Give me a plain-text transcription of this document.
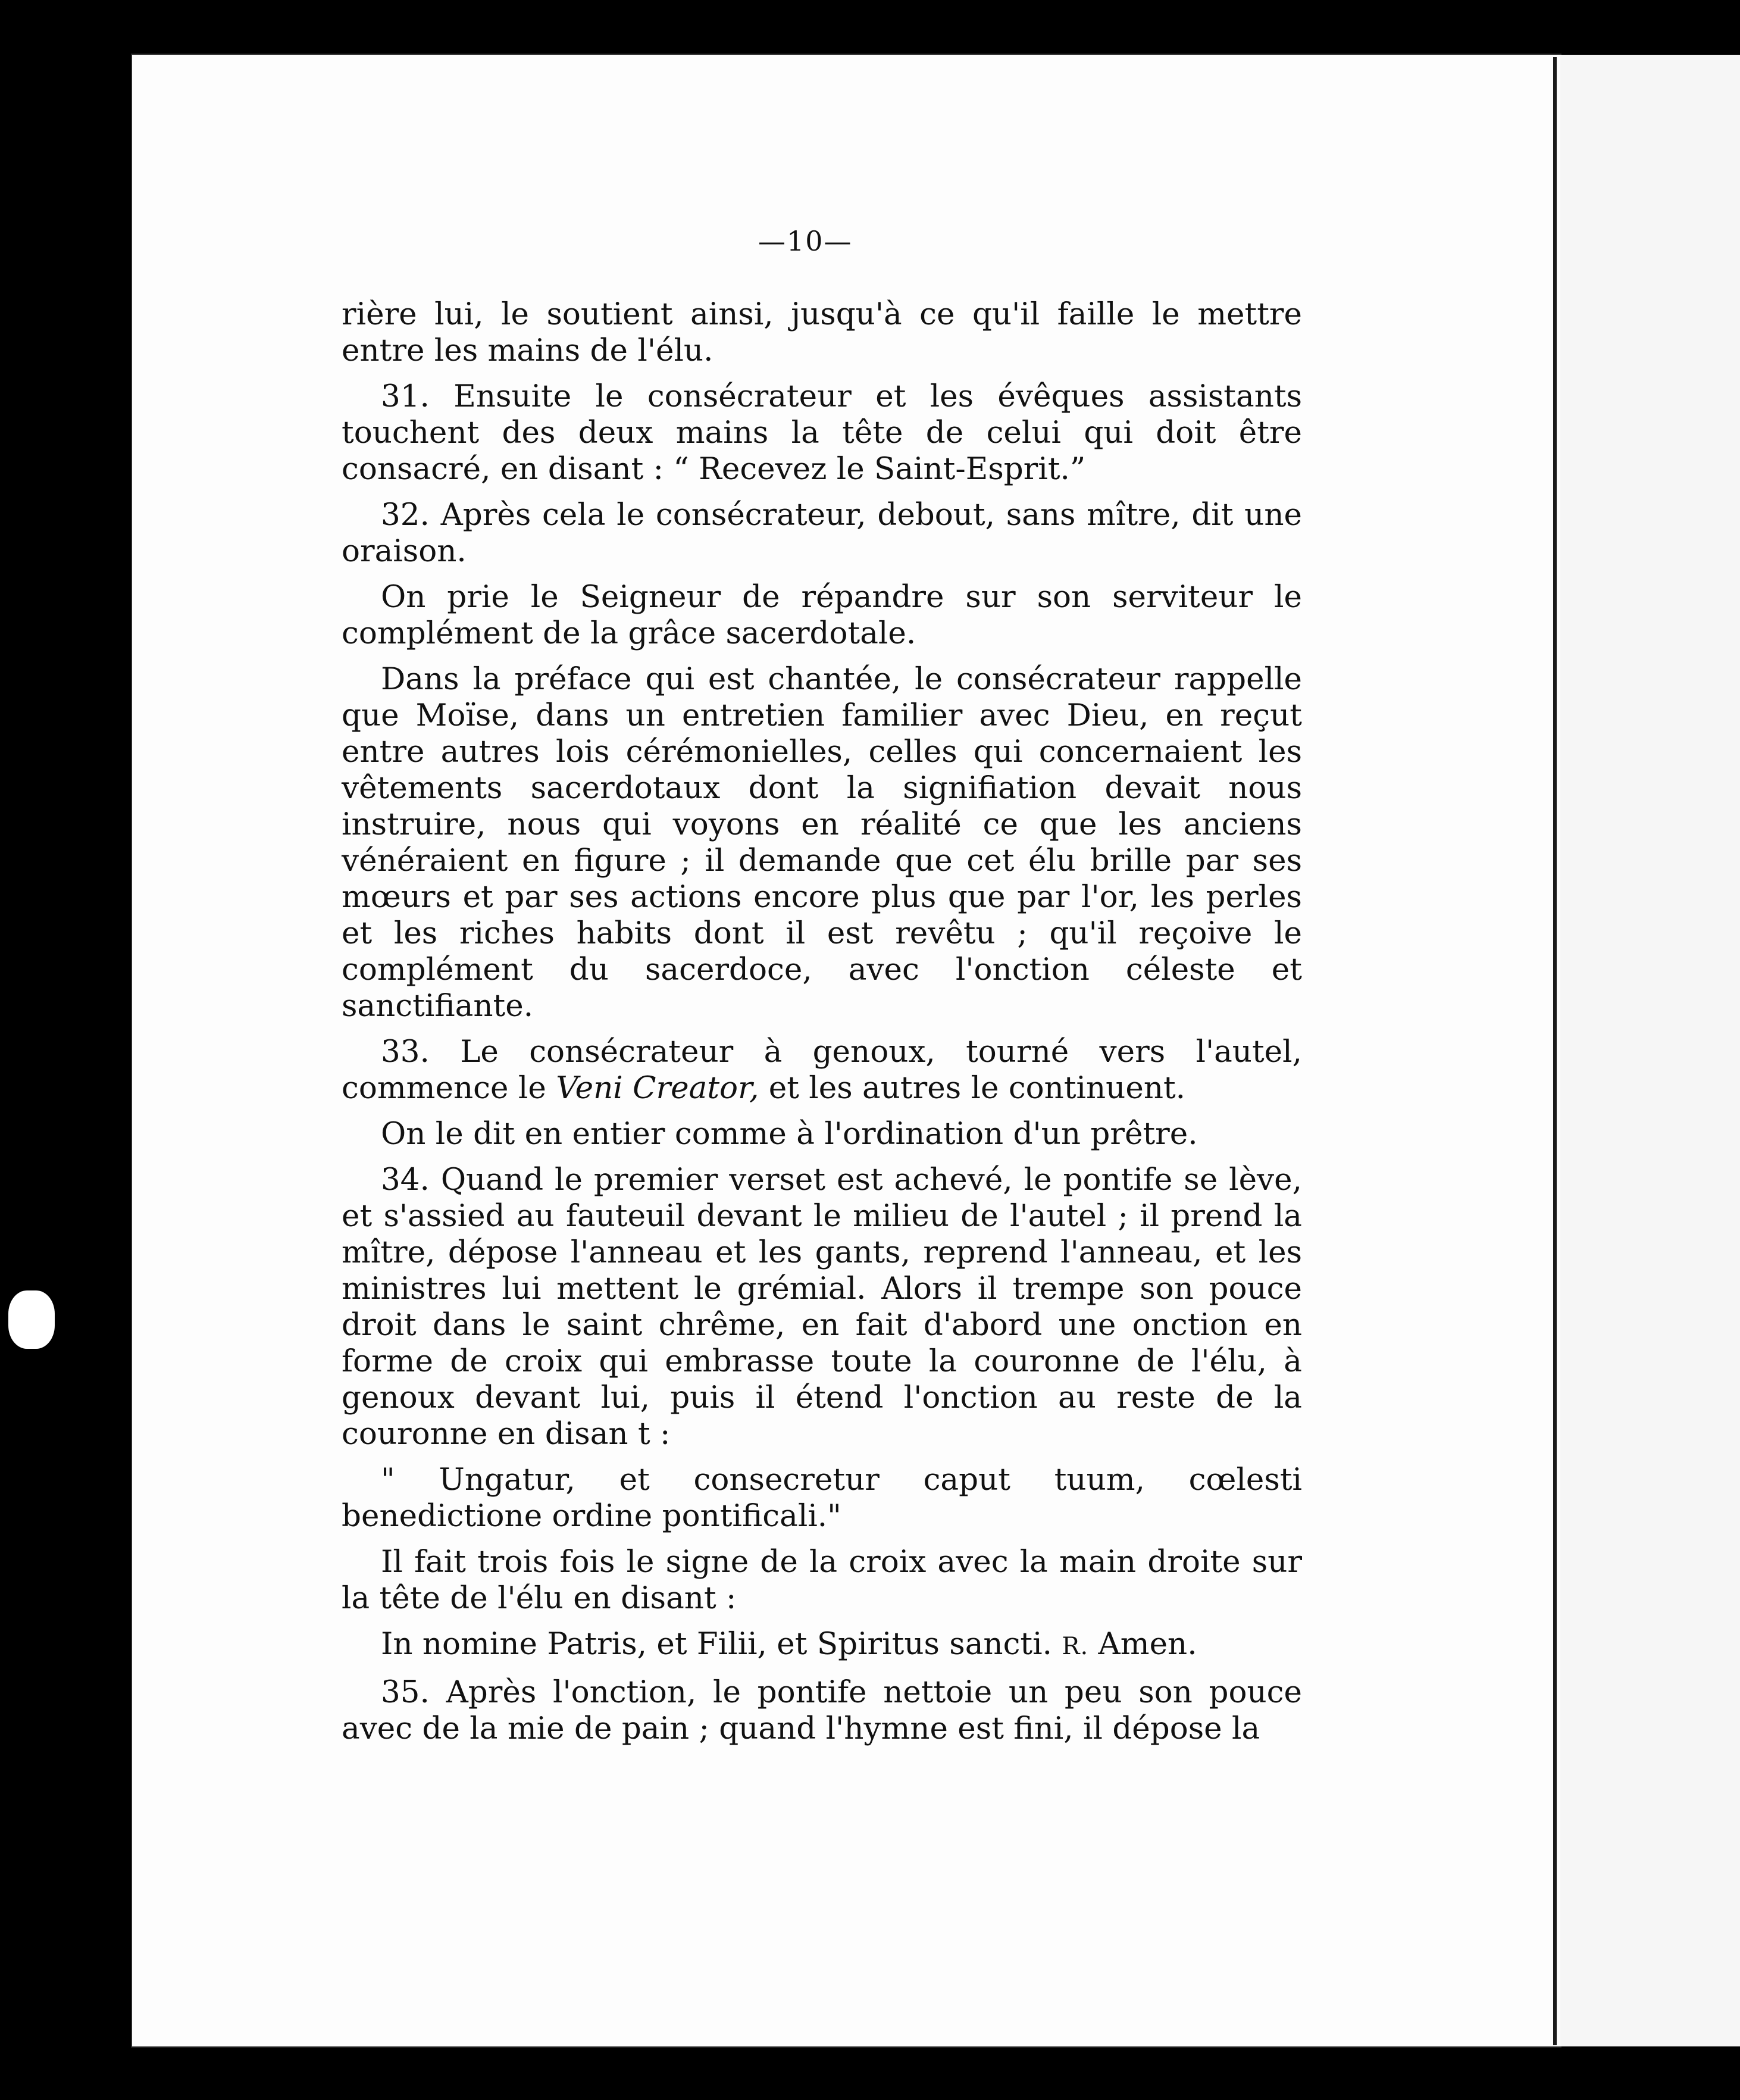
—10—

rière lui, le soutient ainsi, jusqu'à ce qu'il faille le mettre entre les mains de l'élu.

31. Ensuite le consécrateur et les évêques assistants touchent des deux mains la tête de celui qui doit être consacré, en disant : “ Recevez le Saint-Esprit.”

32. Après cela le consécrateur, debout, sans mître, dit une oraison.

On prie le Seigneur de répandre sur son serviteur le complément de la grâce sacerdotale.

Dans la préface qui est chantée, le consécrateur rappelle que Moïse, dans un entretien familier avec Dieu, en reçut entre autres lois cérémonielles, celles qui concernaient les vêtements sacerdotaux dont la signifiation devait nous instruire, nous qui voyons en réalité ce que les anciens vénéraient en figure ; il demande que cet élu brille par ses mœurs et par ses actions encore plus que par l'or, les perles et les riches habits dont il est revêtu ; qu'il reçoive le complément du sacerdoce, avec l'onction céleste et sanctifiante.

33. Le consécrateur à genoux, tourné vers l'autel, commence le Veni Creator, et les autres le continuent.

On le dit en entier comme à l'ordination d'un prêtre.

34. Quand le premier verset est achevé, le pontife se lève, et s'assied au fauteuil devant le milieu de l'autel ; il prend la mître, dépose l'anneau et les gants, reprend l'anneau, et les ministres lui mettent le grémial. Alors il trempe son pouce droit dans le saint chrême, en fait d'abord une onction en forme de croix qui embrasse toute la couronne de l'élu, à genoux devant lui, puis il étend l'onction au reste de la couronne en disan t :

" Ungatur, et consecretur caput tuum, cœlesti benedictione ordine pontificali."

Il fait trois fois le signe de la croix avec la main droite sur la tête de l'élu en disant :

In nomine Patris, et Filii, et Spiritus sancti. R. Amen.

35. Après l'onction, le pontife nettoie un peu son pouce avec de la mie de pain ; quand l'hymne est fini, il dépose la
